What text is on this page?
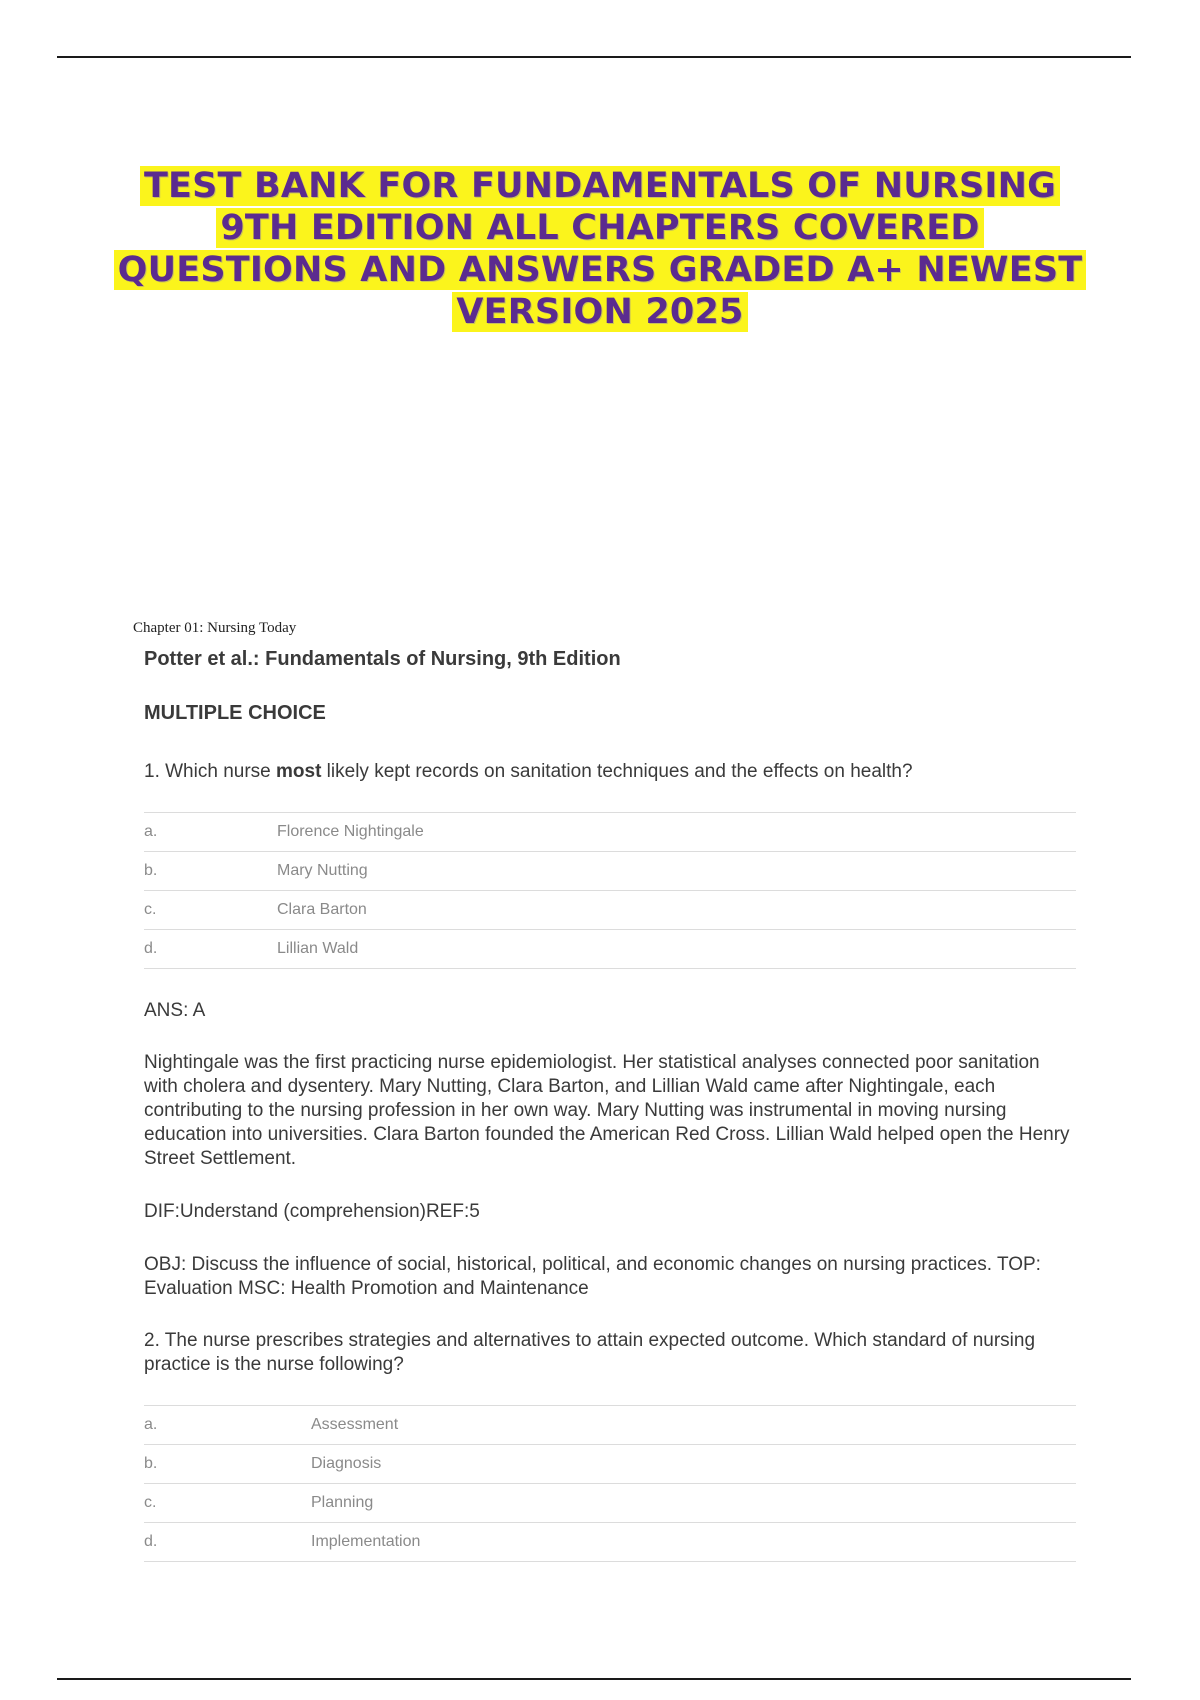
TEST BANK FOR FUNDAMENTALS OF NURSING
9TH EDITION ALL CHAPTERS COVERED
QUESTIONS AND ANSWERS GRADED A+ NEWEST
VERSION 2025
Chapter 01: Nursing Today
Potter et al.: Fundamentals of Nursing, 9th Edition
MULTIPLE CHOICE
1. Which nurse most likely kept records on sanitation techniques and the effects on health?
a.	Florence Nightingale
b.	Mary Nutting
c.	Clara Barton
d.	Lillian Wald
ANS: A
Nightingale was the first practicing nurse epidemiologist. Her statistical analyses connected poor sanitation with cholera and dysentery. Mary Nutting, Clara Barton, and Lillian Wald came after Nightingale, each contributing to the nursing profession in her own way. Mary Nutting was instrumental in moving nursing education into universities. Clara Barton founded the American Red Cross. Lillian Wald helped open the Henry Street Settlement.
DIF:Understand (comprehension)REF:5
OBJ: Discuss the influence of social, historical, political, and economic changes on nursing practices. TOP: Evaluation MSC: Health Promotion and Maintenance
2. The nurse prescribes strategies and alternatives to attain expected outcome. Which standard of nursing practice is the nurse following?
a.	Assessment
b.	Diagnosis
c.	Planning
d.	Implementation
